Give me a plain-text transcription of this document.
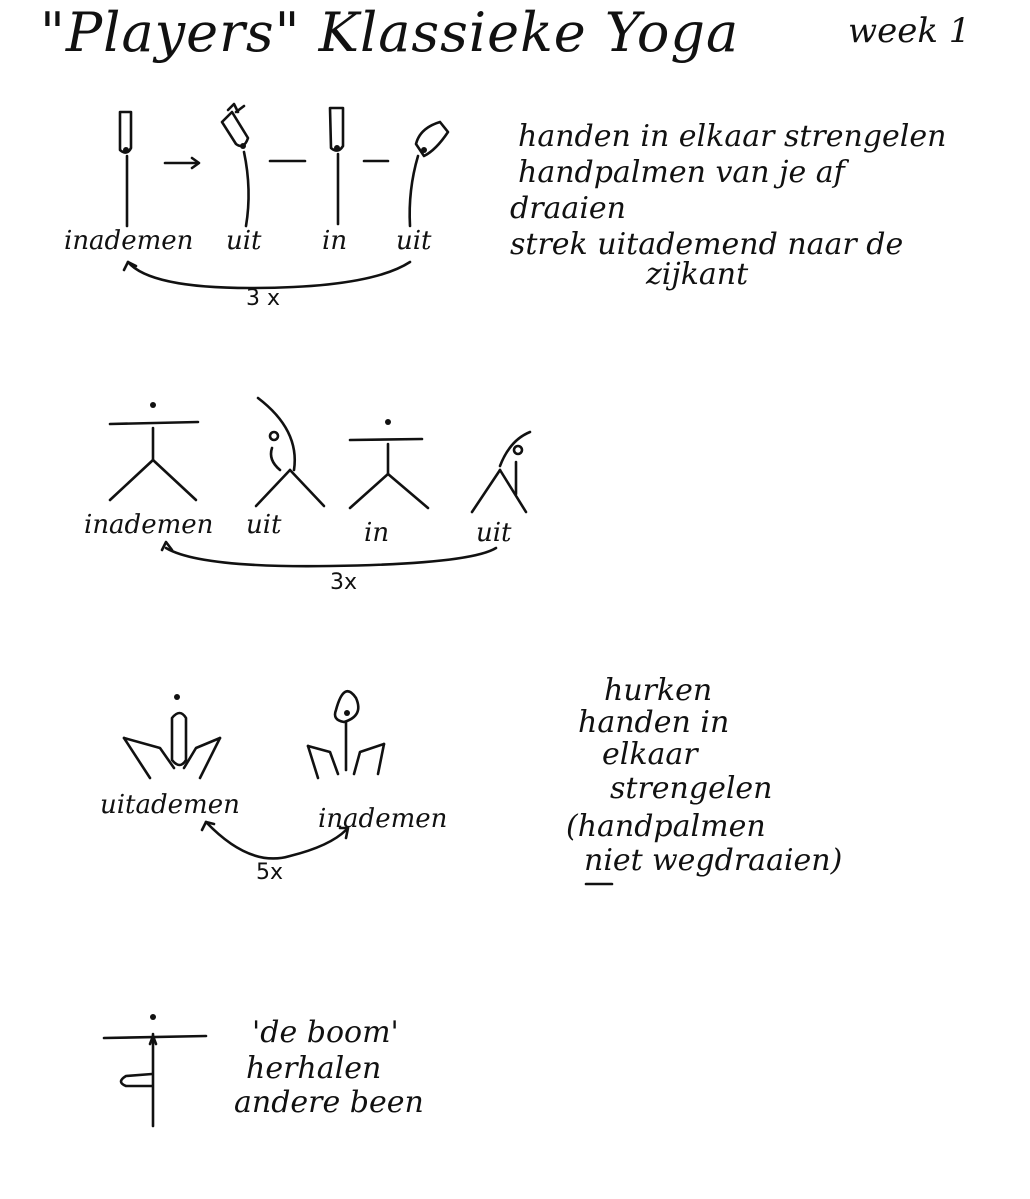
"Players" Klassieke Yoga	week 1
inademen uit in uit
3 x
handen in elkaar strengelen
handpalmen van je af
draaien
strek uitademend naar de
zijkant
inademen uit	in	uit
3x
uitademen	inademen
5x
hurken
handen in
elkaar
strengelen
(handpalmen
niet wegdraaien)
'de boom'
herhalen
andere been
